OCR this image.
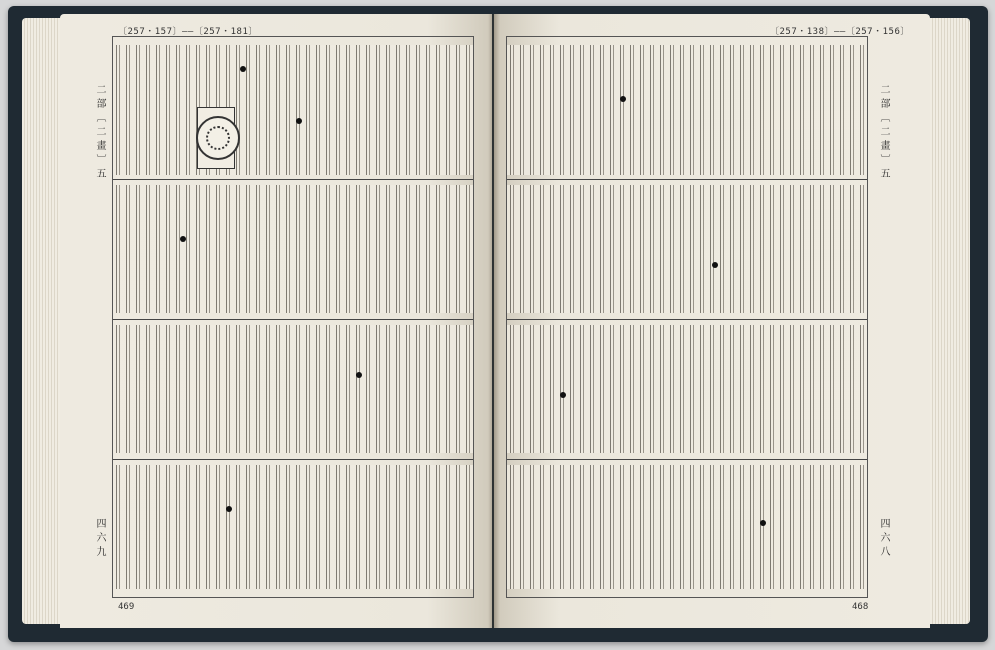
〔257・157〕——〔257・181〕
二部〔二畫〕五
四六九
469
〔257・138〕——〔257・156〕
二部〔二畫〕五
四六八
468
